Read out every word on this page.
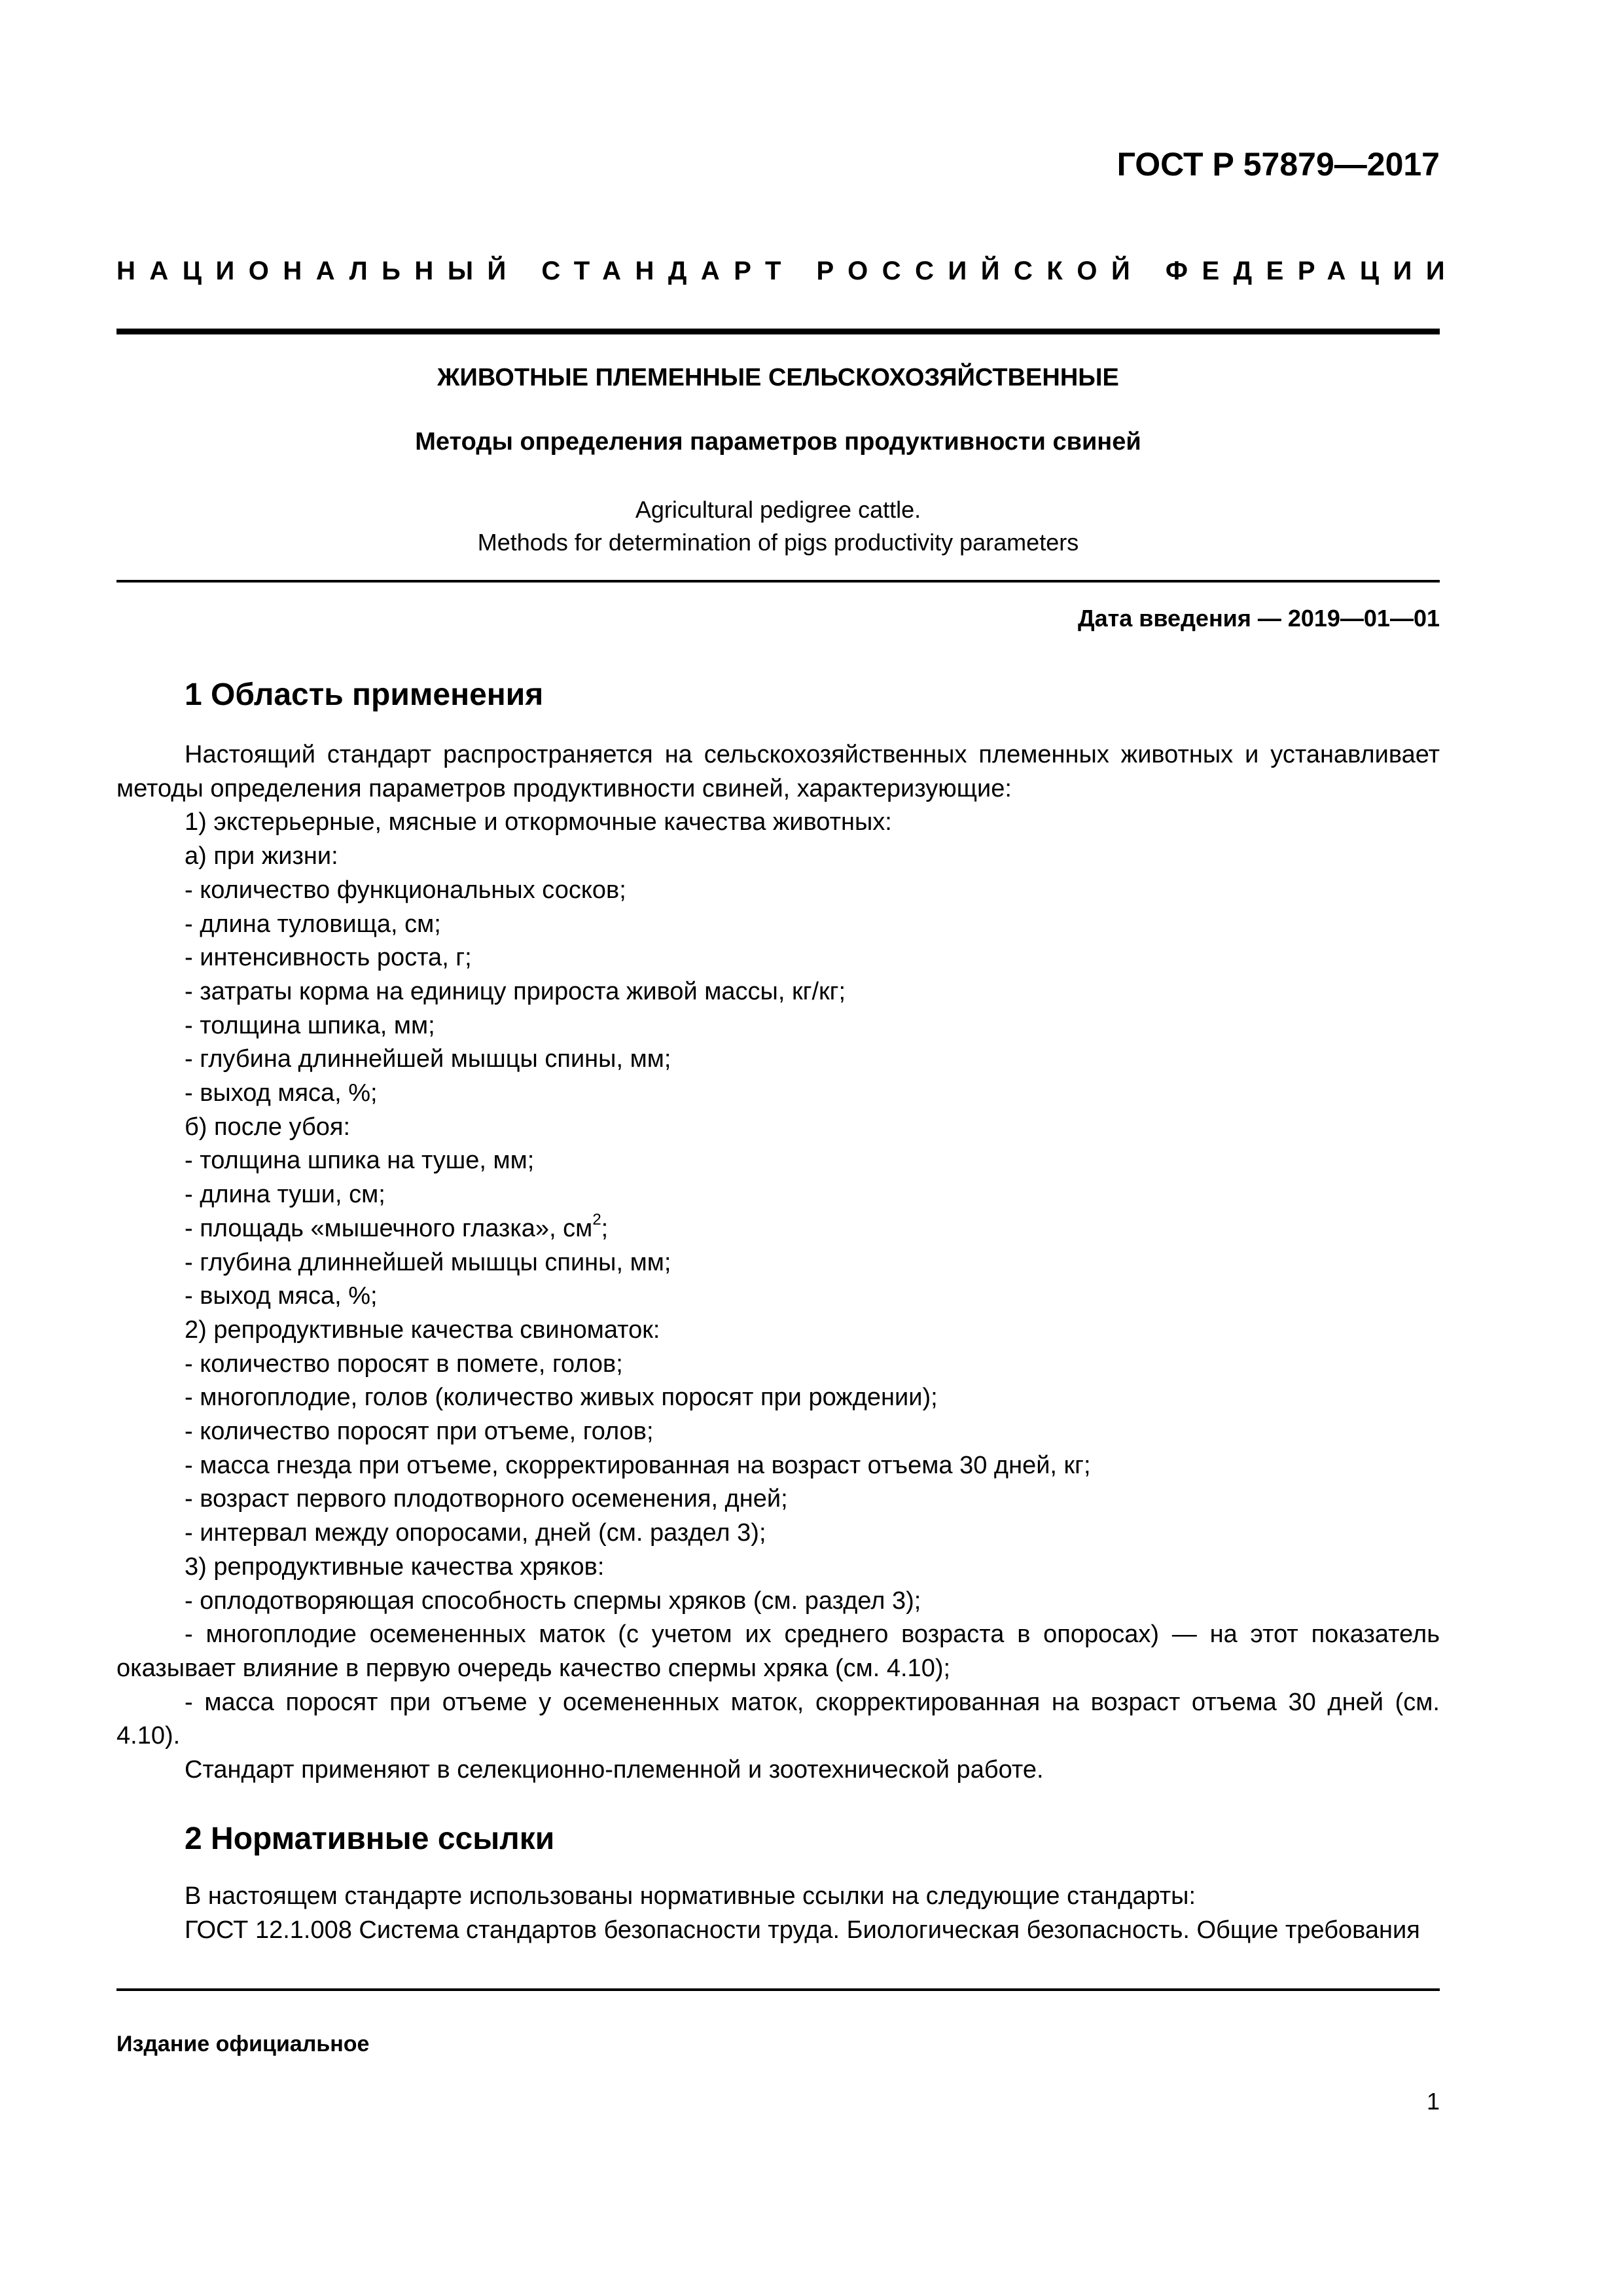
ГОСТ Р 57879—2017
НАЦИОНАЛЬНЫЙ СТАНДАРТ РОССИЙСКОЙ ФЕДЕРАЦИИ
ЖИВОТНЫЕ ПЛЕМЕННЫЕ СЕЛЬСКОХОЗЯЙСТВЕННЫЕ
Методы определения параметров продуктивности свиней
Agricultural pedigree cattle.
Methods for determination of pigs productivity parameters
Дата введения — 2019—01—01
1 Область применения

Настоящий стандарт распространяется на сельскохозяйственных племенных животных и устанавливает методы определения параметров продуктивности свиней, характеризующие:

1) экстерьерные, мясные и откормочные качества животных:

а) при жизни:

- количество функциональных сосков;

- длина туловища, см;

- интенсивность роста, г;

- затраты корма на единицу прироста живой массы, кг/кг;

- толщина шпика, мм;

- глубина длиннейшей мышцы спины, мм;

- выход мяса, %;

б) после убоя:

- толщина шпика на туше, мм;

- длина туши, см;

- площадь «мышечного глазка», $см^2$;

- глубина длиннейшей мышцы спины, мм;

- выход мяса, %;

2) репродуктивные качества свиноматок:

- количество поросят в помете, голов;

- многоплодие, голов (количество живых поросят при рождении);

- количество поросят при отъеме, голов;

- масса гнезда при отъеме, скорректированная на возраст отъема 30 дней, кг;

- возраст первого плодотворного осеменения, дней;

- интервал между опоросами, дней (см. раздел 3);

3) репродуктивные качества хряков:

- оплодотворяющая способность спермы хряков (см. раздел 3);

- многоплодие осемененных маток (с учетом их среднего возраста в опоросах) — на этот показатель оказывает влияние в первую очередь качество спермы хряка (см. 4.10);

- масса поросят при отъеме у осемененных маток, скорректированная на возраст отъема 30 дней (см. 4.10).

Стандарт применяют в селекционно-племенной и зоотехнической работе.

2 Нормативные ссылки

В настоящем стандарте использованы нормативные ссылки на следующие стандарты:

ГОСТ 12.1.008 Система стандартов безопасности труда. Биологическая безопасность. Общие требования

Издание официальное
1
